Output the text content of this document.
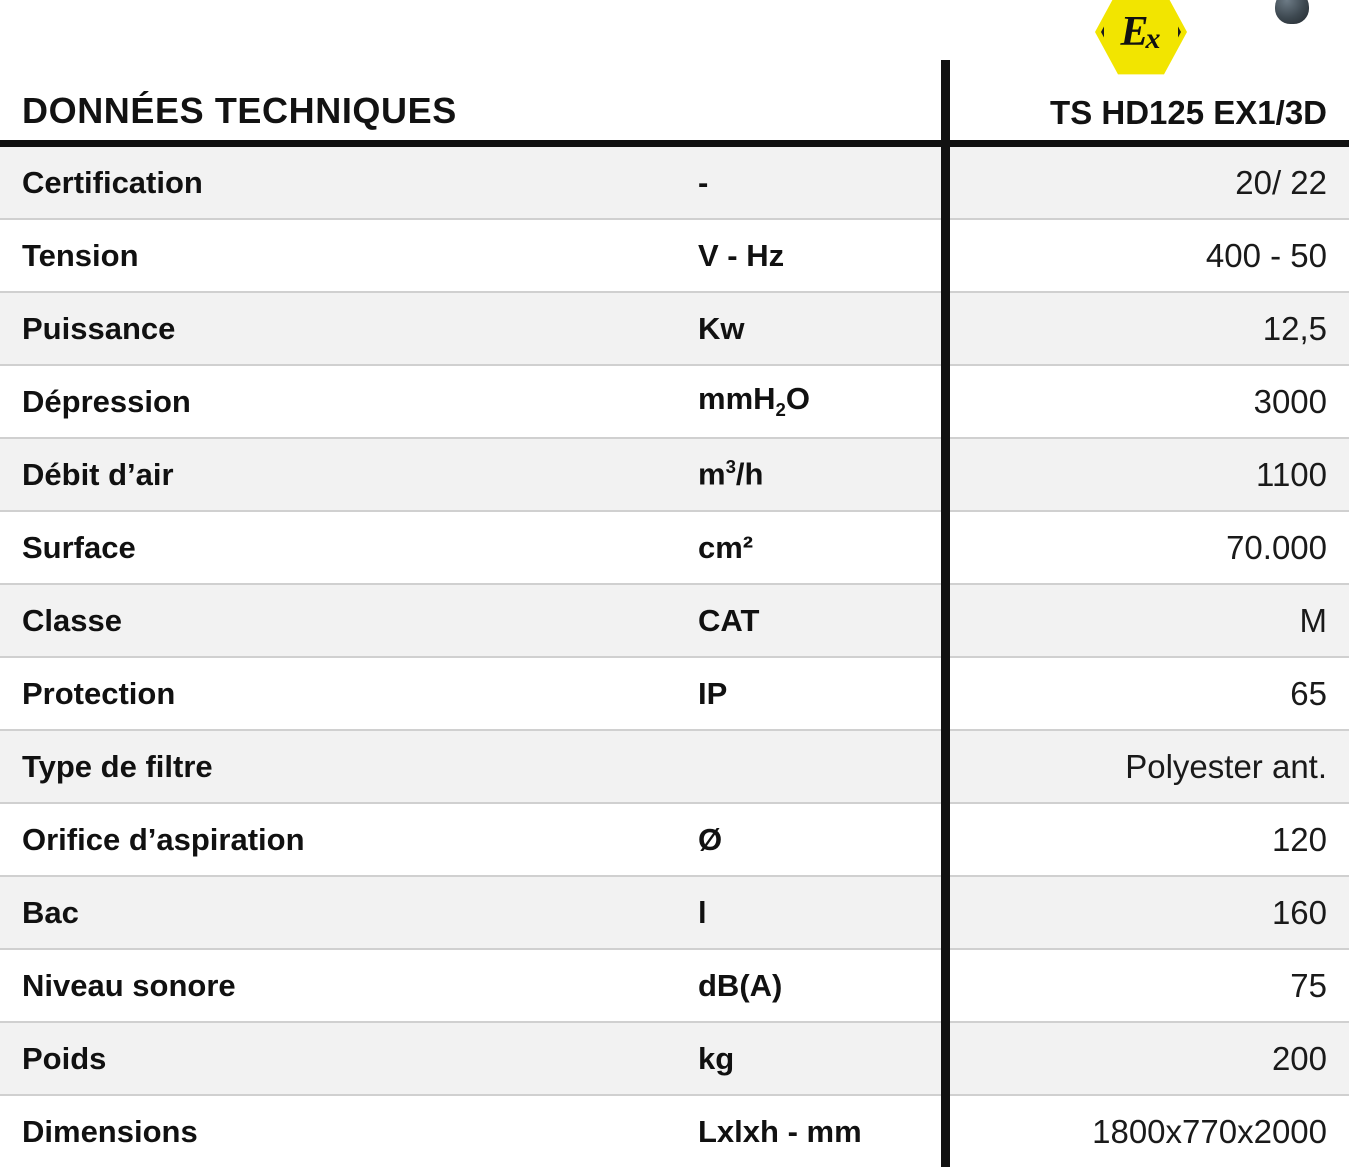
E
x
DONNÉES TECHNIQUES		TS HD125 EX1/3D
Certification	-	20/ 22
Tension	V - Hz	400 - 50
Puissance	Kw	12,5
Dépression	mmH$_2$O	3000
Débit d’air	$m^3/h$	1100
Surface	cm²	70.000
Classe	CAT	M
Protection	IP	65
Type de filtre		Polyester ant.
Orifice d’aspiration	Ø	120
Bac	l	160
Niveau sonore	dB(A)	75
Poids	kg	200
Dimensions	Lxlxh - mm	1800x770x2000
